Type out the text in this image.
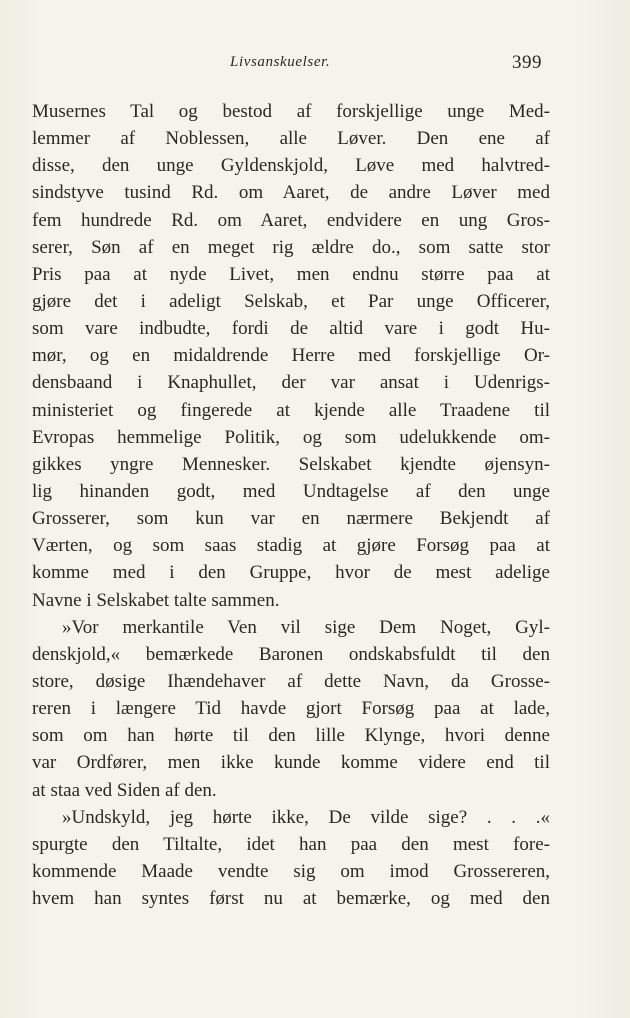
Livsanskuelser.	399
Musernes Tal og bestod af forskjellige unge Med-
lemmer af Noblessen, alle Løver. Den ene af
disse, den unge Gyldenskjold, Løve med halvtred-
sindstyve tusind Rd. om Aaret, de andre Løver med
fem hundrede Rd. om Aaret, endvidere en ung Gros-
serer, Søn af en meget rig ældre do., som satte stor
Pris paa at nyde Livet, men endnu større paa at
gjøre det i adeligt Selskab, et Par unge Officerer,
som vare indbudte, fordi de altid vare i godt Hu-
mør, og en midaldrende Herre med forskjellige Or-
densbaand i Knaphullet, der var ansat i Udenrigs-
ministeriet og fingerede at kjende alle Traadene til
Evropas hemmelige Politik, og som udelukkende om-
gikkes yngre Mennesker. Selskabet kjendte øjensyn-
lig hinanden godt, med Undtagelse af den unge
Grosserer, som kun var en nærmere Bekjendt af
Værten, og som saas stadig at gjøre Forsøg paa at
komme med i den Gruppe, hvor de mest adelige
Navne i Selskabet talte sammen.
»Vor merkantile Ven vil sige Dem Noget, Gyl-
denskjold,« bemærkede Baronen ondskabsfuldt til den
store, døsige Ihændehaver af dette Navn, da Grosse-
reren i længere Tid havde gjort Forsøg paa at lade,
som om han hørte til den lille Klynge, hvori denne
var Ordfører, men ikke kunde komme videre end til
at staa ved Siden af den.
»Undskyld, jeg hørte ikke, De vilde sige? . . .«
spurgte den Tiltalte, idet han paa den mest fore-
kommende Maade vendte sig om imod Grossereren,
hvem han syntes først nu at bemærke, og med den
